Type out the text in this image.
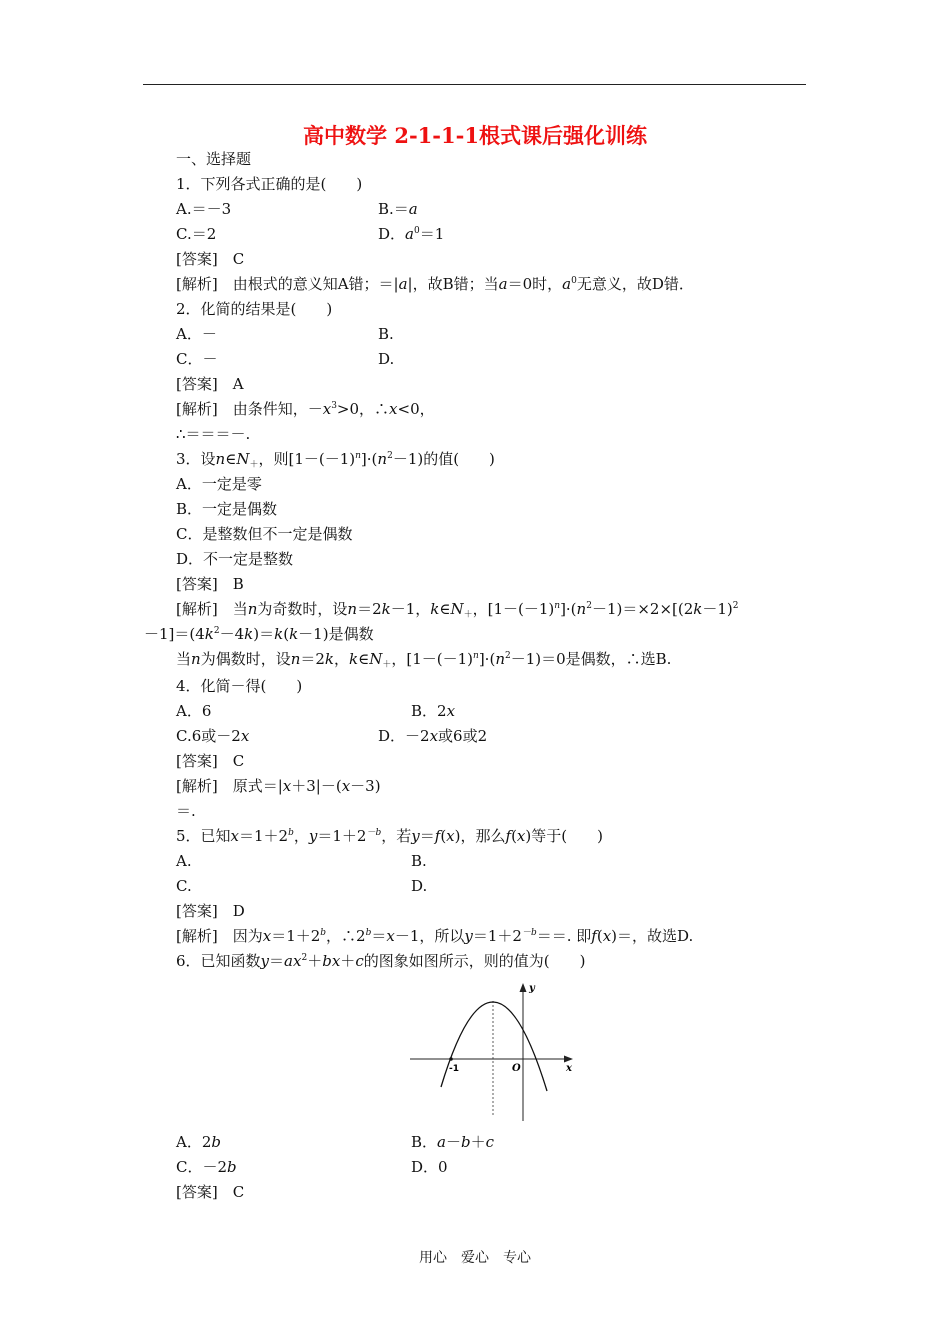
高中数学 2-1-1-1根式课后强化训练
一、选择题
1．下列各式正确的是(　　)
A.＝－3	B.＝a
C.＝2	D．$a^0=1$
[答案]　C
[解析]　由根式的意义知A错；＝|a|，故B错；当a＝0时，$a^0$无意义，故D错．
2．化简的结果是(　　)
A．－	B.
C．－	D.
[答案]　A
[解析]　由条件知，$-x^3>0$，∴x<0，
∴＝＝＝－.
3．设$n\in N_+$，则$[1-(-1)^n]\cdot(n^2-1)$的值(　　)
A．一定是零
B．一定是偶数
C．是整数但不一定是偶数
D．不一定是整数
[答案]　B
[解析]　当n为奇数时，设n＝2k－1，$k\in N_+$，$[1-(-1)^n]\cdot(n^2-1)=\times 2\times[(2k-1)^2$
$-1]=(4k^2-4k)=k(k-1)$是偶数
当n为偶数时，设n＝2k，$k\in N_+$，$[1-(-1)^n]\cdot(n^2-1)=0$是偶数，∴选B.
4．化简－得(　　)
A．6	B．2x
C.6或－2x	D．－2x或6或2
[答案]　C
[解析]　原式＝|x＋3|－(x－3)
＝.
5．已知$x=1+2^b$，$y=1+2^{-b}$，若y＝f(x)，那么f(x)等于(　　)
A.	B.
C.	D.
[答案]　D
[解析]　因为$x=1+2^b$，$\therefore 2^b=x-1$，所以$y=1+2^{-b}==$. 即f(x)＝，故选D.
6．已知函数$y=ax^2+bx+c$的图象如图所示，则的值为(　　)
y
x
O
-1
A．2b	B．a－b＋c
C．－2b	D．0
[答案]　C
用心　爱心　专心
